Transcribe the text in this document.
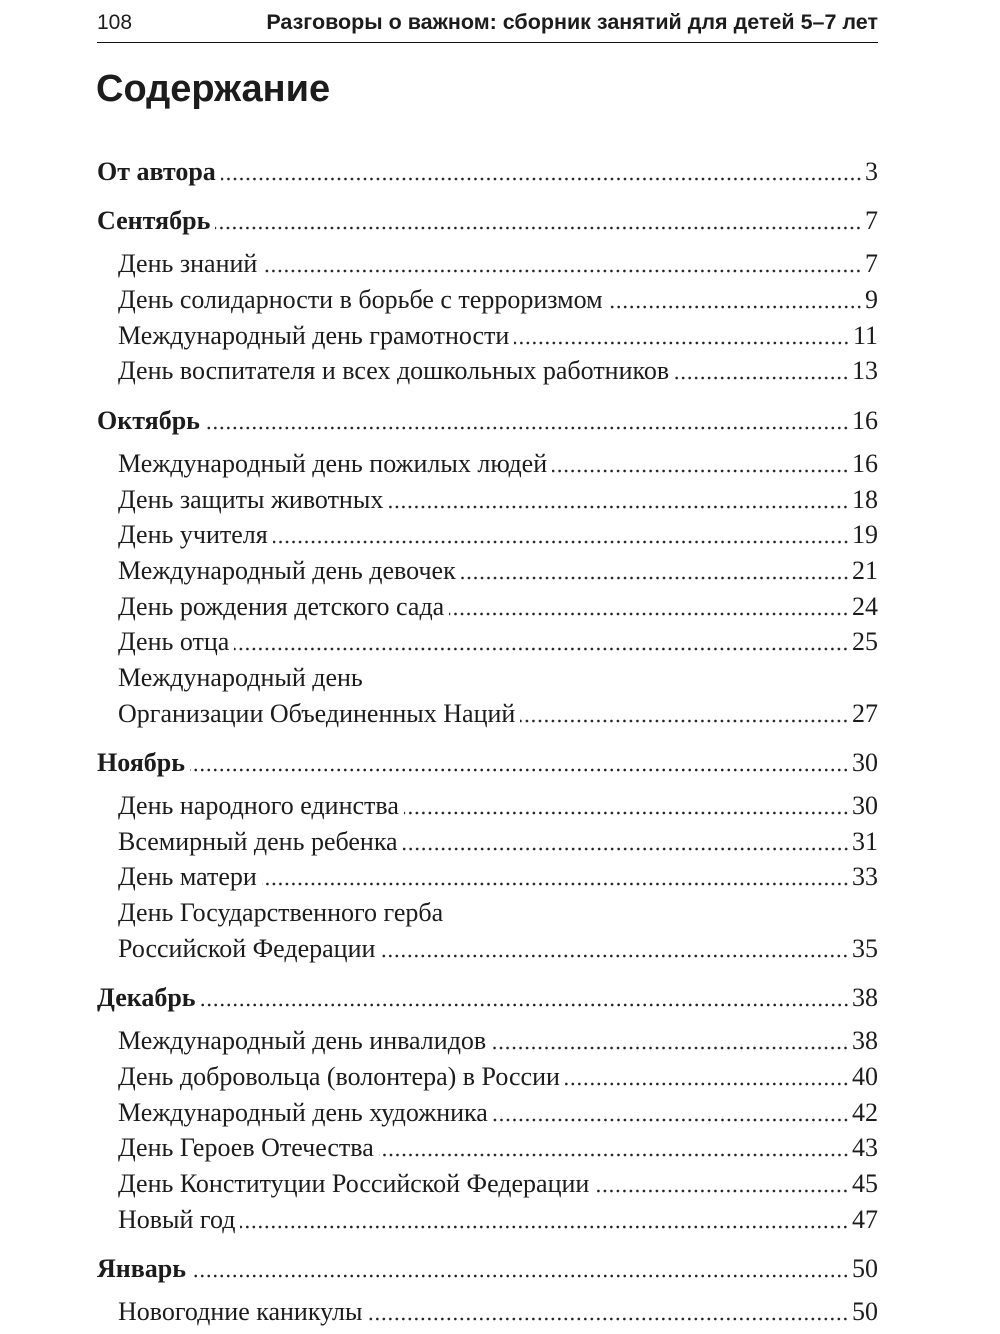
108	Разговоры о важном: сборник занятий для детей 5–7 лет
Содержание
От автора	3
Сентябрь	7
День знаний	7
День солидарности в борьбе с терроризмом	9
Международный день грамотности	11
День воспитателя и всех дошкольных работников	13
Октябрь	16
Международный день пожилых людей	16
День защиты животных	18
День учителя	19
Международный день девочек	21
День рождения детского сада	24
День отца	25
Международный день
Организации Объединенных Наций	27
Ноябрь	30
День народного единства	30
Всемирный день ребенка	31
День матери	33
День Государственного герба
Российской Федерации	35
Декабрь	38
Международный день инвалидов	38
День добровольца (волонтера) в России	40
Международный день художника	42
День Героев Отечества	43
День Конституции Российской Федерации	45
Новый год	47
Январь	50
Новогодние каникулы	50
